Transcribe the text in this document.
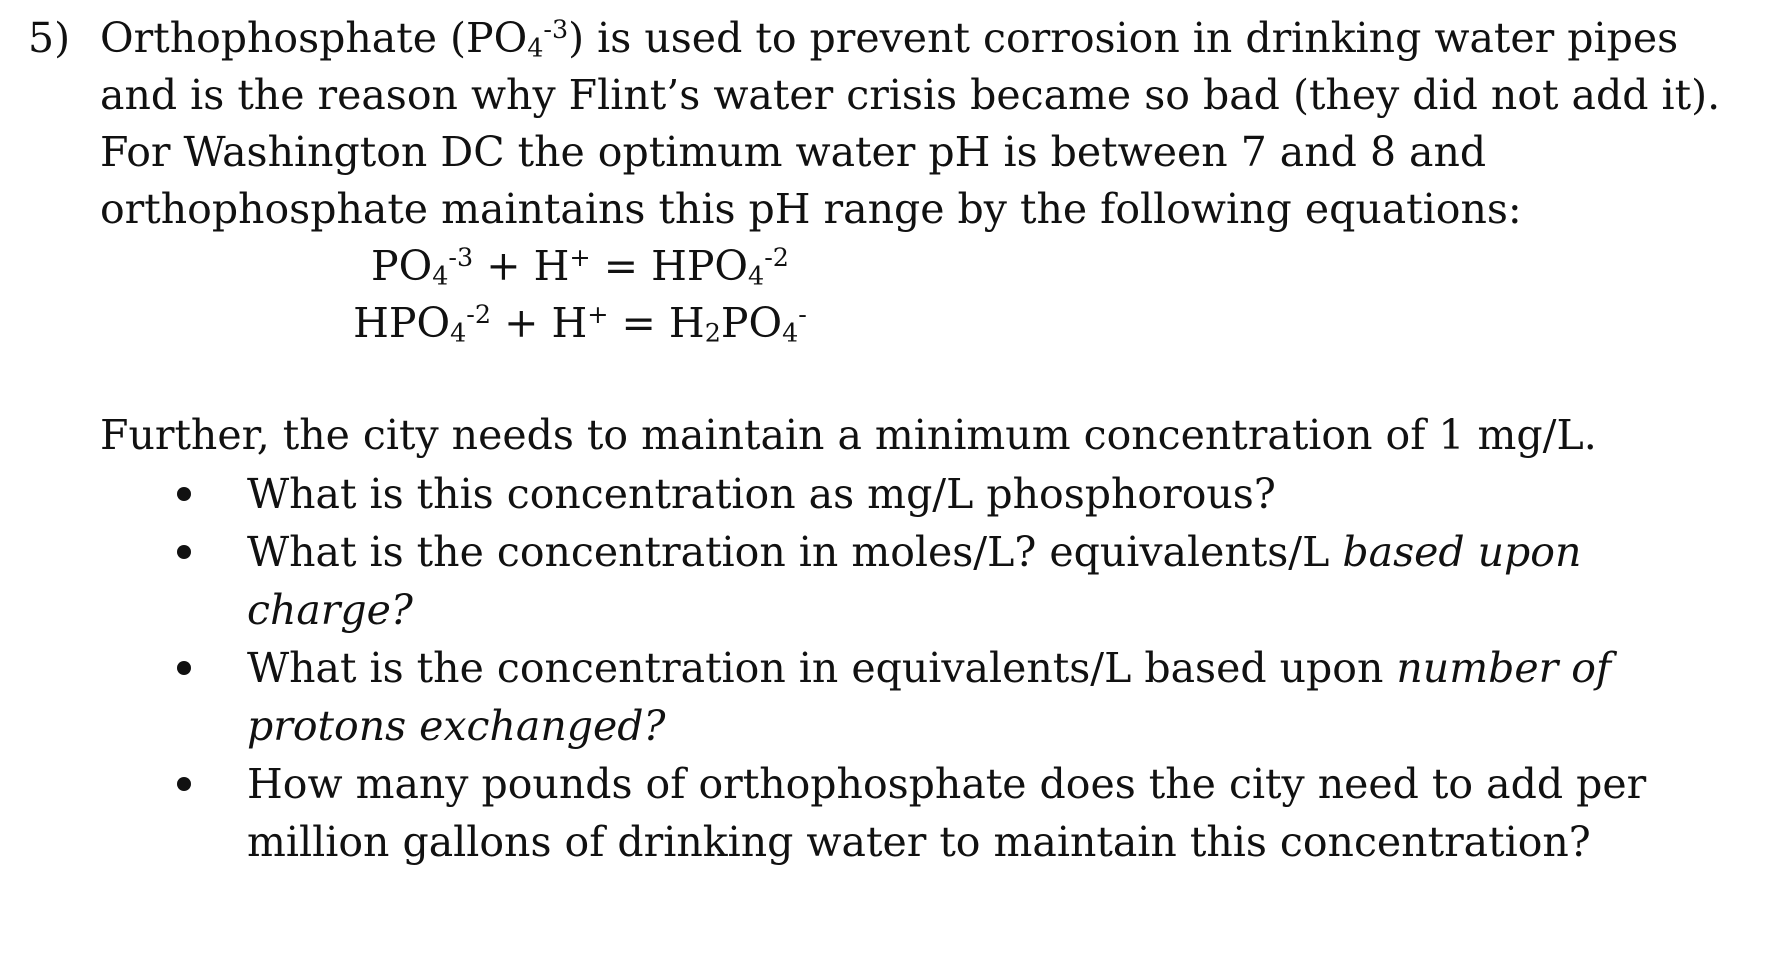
5) Orthophosphate $(PO_4^{-3})$ is used to prevent corrosion in drinking water pipes
and is the reason why Flint’s water crisis became so bad (they did not add it).
For Washington DC the optimum water pH is between 7 and 8 and
orthophosphate maintains this pH range by the following equations:
$PO_4^{-3} + H^+ = HPO_4^{-2}$
$HPO_4^{-2} + H^+ = H_2PO_4^-$
Further, the city needs to maintain a minimum concentration of 1 mg/L.
What is this concentration as mg/L phosphorous?
What is the concentration in moles/L? equivalents/L based upon
charge?
What is the concentration in equivalents/L based upon number of
protons exchanged?
How many pounds of orthophosphate does the city need to add per
million gallons of drinking water to maintain this concentration?
